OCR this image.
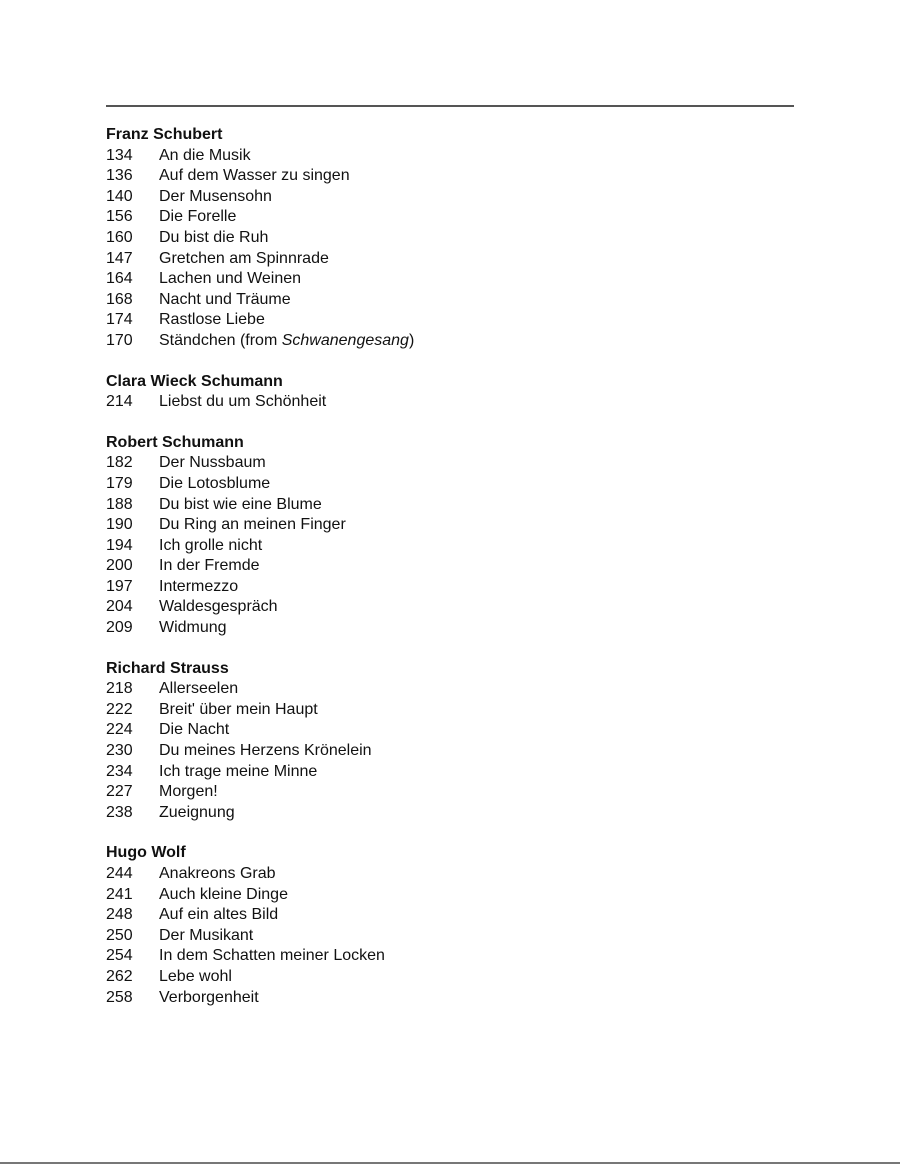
Franz Schubert
134	An die Musik
136	Auf dem Wasser zu singen
140	Der Musensohn
156	Die Forelle
160	Du bist die Ruh
147	Gretchen am Spinnrade
164	Lachen und Weinen
168	Nacht und Träume
174	Rastlose Liebe
170	Ständchen (from Schwanengesang)
Clara Wieck Schumann
214	Liebst du um Schönheit
Robert Schumann
182	Der Nussbaum
179	Die Lotosblume
188	Du bist wie eine Blume
190	Du Ring an meinen Finger
194	Ich grolle nicht
200	In der Fremde
197	Intermezzo
204	Waldesgespräch
209	Widmung
Richard Strauss
218	Allerseelen
222	Breit' über mein Haupt
224	Die Nacht
230	Du meines Herzens Krönelein
234	Ich trage meine Minne
227	Morgen!
238	Zueignung
Hugo Wolf
244	Anakreons Grab
241	Auch kleine Dinge
248	Auf ein altes Bild
250	Der Musikant
254	In dem Schatten meiner Locken
262	Lebe wohl
258	Verborgenheit
